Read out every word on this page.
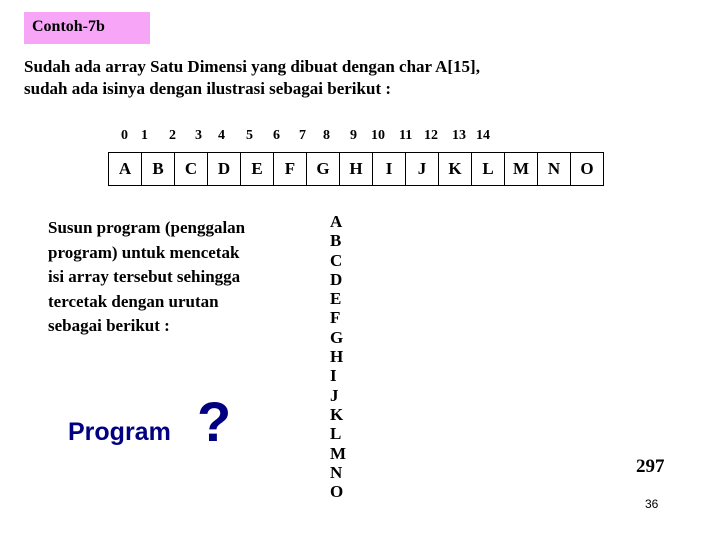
Contoh-7b
Sudah ada array Satu Dimensi yang dibuat dengan char A[15],
sudah ada isinya dengan ilustrasi sebagai berikut :
0 1 2 3 4 5 6 7 8 9 10 11 12 13 14
A	B	C	D	E	F	G	H	I	J	K	L	M	N	O
Susun program (penggalan
program) untuk mencetak
isi array tersebut sehingga
tercetak dengan urutan
sebagai berikut :
Program ?
A
B
C
D
E
F
G
H
I
J
K
L
M
N
O
297
36
